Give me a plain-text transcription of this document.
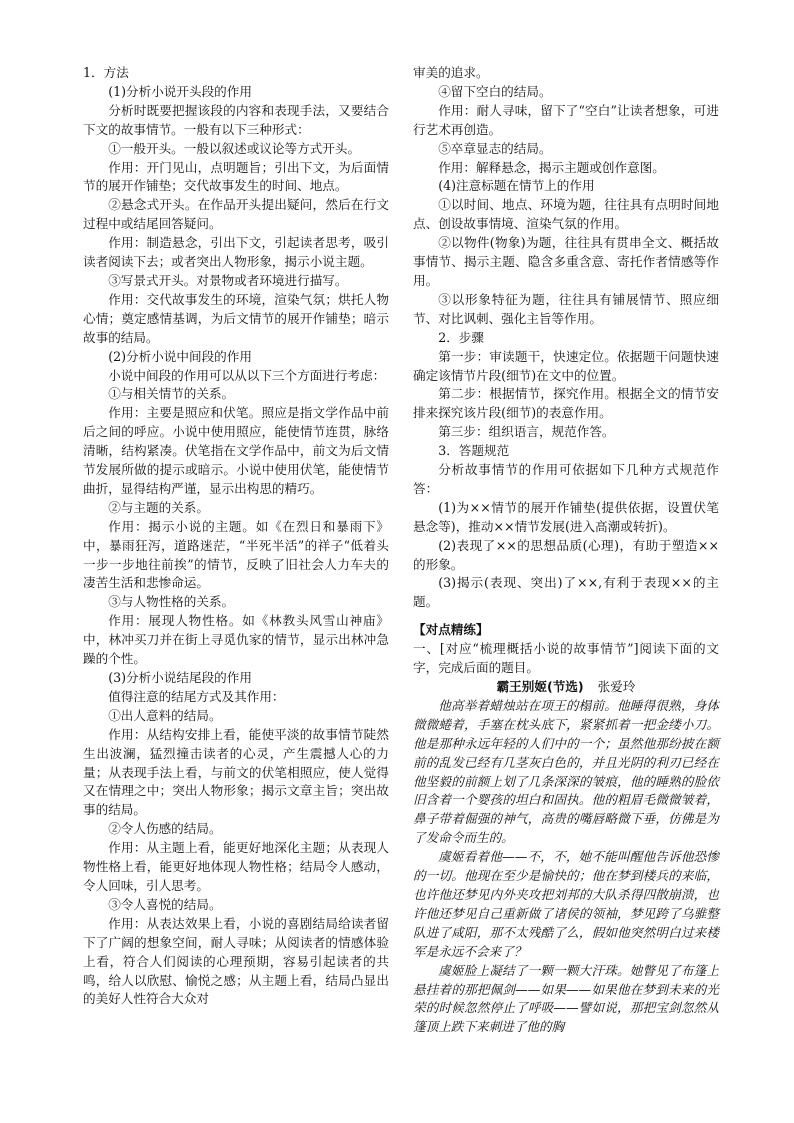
1．方法

(1)分析小说开头段的作用

分析时既要把握该段的内容和表现手法，又要结合下文的故事情节。一般有以下三种形式：

①一般开头。一般以叙述或议论等方式开头。

作用：开门见山，点明题旨；引出下文，为后面情节的展开作铺垫；交代故事发生的时间、地点。

②悬念式开头。在作品开头提出疑问，然后在行文过程中或结尾回答疑问。

作用：制造悬念，引出下文，引起读者思考，吸引读者阅读下去；或者突出人物形象，揭示小说主题。

③写景式开头。对景物或者环境进行描写。

作用：交代故事发生的环境，渲染气氛；烘托人物心情；奠定感情基调，为后文情节的展开作铺垫；暗示故事的结局。

(2)分析小说中间段的作用

小说中间段的作用可以从以下三个方面进行考虑：

①与相关情节的关系。

作用：主要是照应和伏笔。照应是指文学作品中前后之间的呼应。小说中使用照应，能使情节连贯，脉络清晰，结构紧凑。伏笔指在文学作品中，前文为后文情节发展所做的提示或暗示。小说中使用伏笔，能使情节曲折，显得结构严谨，显示出构思的精巧。

②与主题的关系。

作用：揭示小说的主题。如《在烈日和暴雨下》中，暴雨狂泻，道路迷茫，“半死半活”的祥子“低着头一步一步地往前挨”的情节，反映了旧社会人力车夫的凄苦生活和悲惨命运。

③与人物性格的关系。

作用：展现人物性格。如《林教头风雪山神庙》中，林冲买刀并在街上寻觅仇家的情节，显示出林冲急躁的个性。

(3)分析小说结尾段的作用

值得注意的结尾方式及其作用：

①出人意料的结局。

作用：从结构安排上看，能使平淡的故事情节陡然生出波澜，猛烈撞击读者的心灵，产生震撼人心的力量；从表现手法上看，与前文的伏笔相照应，使人觉得又在情理之中；突出人物形象；揭示文章主旨；突出故事的结局。

②令人伤感的结局。

作用：从主题上看，能更好地深化主题；从表现人物性格上看，能更好地体现人物性格；结局令人感动，令人回味，引人思考。

③令人喜悦的结局。

作用：从表达效果上看，小说的喜剧结局给读者留下了广阔的想象空间，耐人寻味；从阅读者的情感体验上看，符合人们阅读的心理预期，容易引起读者的共鸣，给人以欣慰、愉悦之感；从主题上看，结局凸显出的美好人性符合大众对

审美的追求。

④留下空白的结局。

作用：耐人寻味，留下了“空白”让读者想象，可进行艺术再创造。

⑤卒章显志的结局。

作用：解释悬念，揭示主题或创作意图。

(4)注意标题在情节上的作用

①以时间、地点、环境为题，往往具有点明时间地点、创设故事情境、渲染气氛的作用。

②以物件(物象)为题，往往具有贯串全文、概括故事情节、揭示主题、隐含多重含意、寄托作者情感等作用。

③以形象特征为题，往往具有铺展情节、照应细节、对比讽刺、强化主旨等作用。

2．步骤

第一步：审读题干，快速定位。依据题干问题快速确定该情节片段(细节)在文中的位置。

第二步：根据情节，探究作用。根据全文的情节安排来探究该片段(细节)的表意作用。

第三步：组织语言，规范作答。

3．答题规范

分析故事情节的作用可依据如下几种方式规范作答：

(1)为××情节的展开作铺垫(提供依据，设置伏笔悬念等)，推动××情节发展(进入高潮或转折)。

(2)表现了××的思想品质(心理)，有助于塑造××的形象。

(3)揭示(表现、突出)了××,有利于表现××的主题。

【对点精练】

一、[对应“梳理概括小说的故事情节”]阅读下面的文字，完成后面的题目。

霸王别姬(节选) 张爱玲

他高举着蜡烛站在项王的榻前。他睡得很熟，身体微微蜷着，手塞在枕头底下，紧紧抓着一把金缕小刀。他是那种永远年轻的人们中的一个；虽然他那纷披在额前的乱发已经有几茎灰白色的，并且光阴的利刃已经在他坚毅的前额上划了几条深深的皱痕，他的睡熟的脸依旧含着一个婴孩的坦白和固执。他的粗眉毛微微皱着，鼻子带着倔强的神气，高贵的嘴唇略微下垂，仿佛是为了发命令而生的。

虞姬看着他——不，不，她不能叫醒他告诉他恐惨的一切。他现在至少是愉快的；他在梦到楼兵的来临，也许他还梦见内外夹攻把刘邦的大队杀得四散崩溃，也许他还梦见自己重新做了诸侯的领袖，梦见跨了乌骓整队进了咸阳，那不太残酷了么，假如他突然明白过来楼军是永远不会来了？

虞姬脸上凝结了一颗一颗大汗珠。她瞥见了布篷上悬挂着的那把佩剑——如果——如果他在梦到未来的光荣的时候忽然停止了呼吸——譬如说，那把宝剑忽然从篷顶上跌下来刺进了他的胸
